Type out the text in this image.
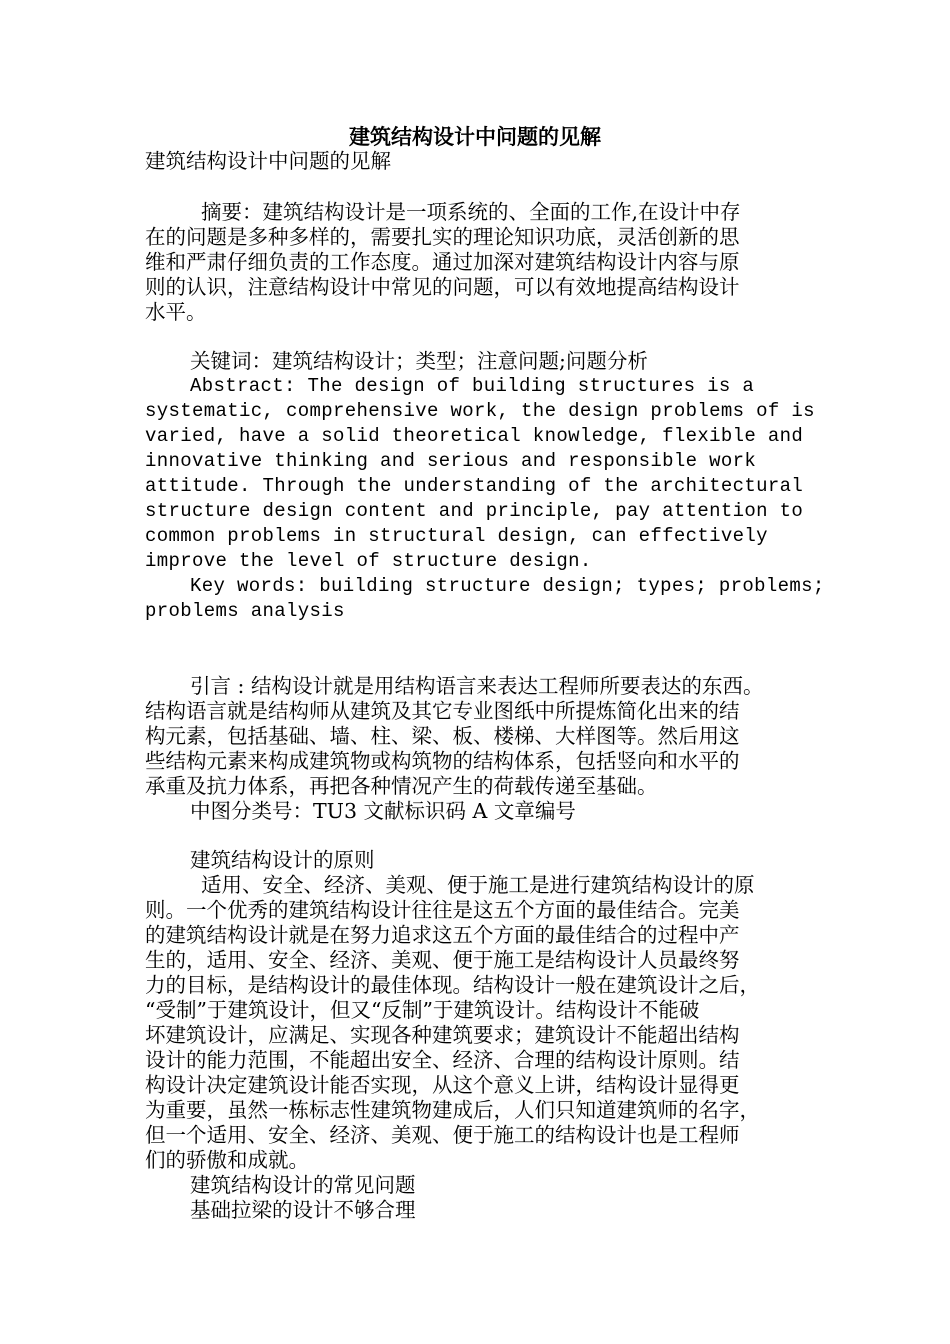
建筑结构设计中问题的见解
建筑结构设计中问题的见解
摘要：建筑结构设计是一项系统的、全面的工作,在设计中存
在的问题是多种多样的，需要扎实的理论知识功底，灵活创新的思
维和严肃仔细负责的工作态度。通过加深对建筑结构设计内容与原
则的认识，注意结构设计中常见的问题，可以有效地提高结构设计
水平。
关键词：建筑结构设计；类型；注意问题;问题分析
Abstract: The design of building structures is a
systematic, comprehensive work, the design problems of is
varied, have a solid theoretical knowledge, flexible and
innovative thinking and serious and responsible work
attitude. Through the understanding of the architectural
structure design content and principle, pay attention to
common problems in structural design, can effectively
improve the level of structure design.
Key words: building structure design; types; problems;
problems analysis
引言 : 结构设计就是用结构语言来表达工程师所要表达的东西。
结构语言就是结构师从建筑及其它专业图纸中所提炼简化出来的结
构元素，包括基础、墙、柱、梁、板、楼梯、大样图等。然后用这
些结构元素来构成建筑物或构筑物的结构体系，包括竖向和水平的
承重及抗力体系，再把各种情况产生的荷载传递至基础。
中图分类号：TU3 文献标识码 A 文章编号
建筑结构设计的原则
适用、安全、经济、美观、便于施工是进行建筑结构设计的原
则。一个优秀的建筑结构设计往往是这五个方面的最佳结合。完美
的建筑结构设计就是在努力追求这五个方面的最佳结合的过程中产
生的，适用、安全、经济、美观、便于施工是结构设计人员最终努
力的目标，是结构设计的最佳体现。结构设计一般在建筑设计之后，
“受制”于建筑设计，但又“反制”于建筑设计。结构设计不能破
坏建筑设计，应满足、实现各种建筑要求；建筑设计不能超出结构
设计的能力范围，不能超出安全、经济、合理的结构设计原则。结
构设计决定建筑设计能否实现，从这个意义上讲，结构设计显得更
为重要，虽然一栋标志性建筑物建成后，人们只知道建筑师的名字，
但一个适用、安全、经济、美观、便于施工的结构设计也是工程师
们的骄傲和成就。
建筑结构设计的常见问题
基础拉梁的设计不够合理
